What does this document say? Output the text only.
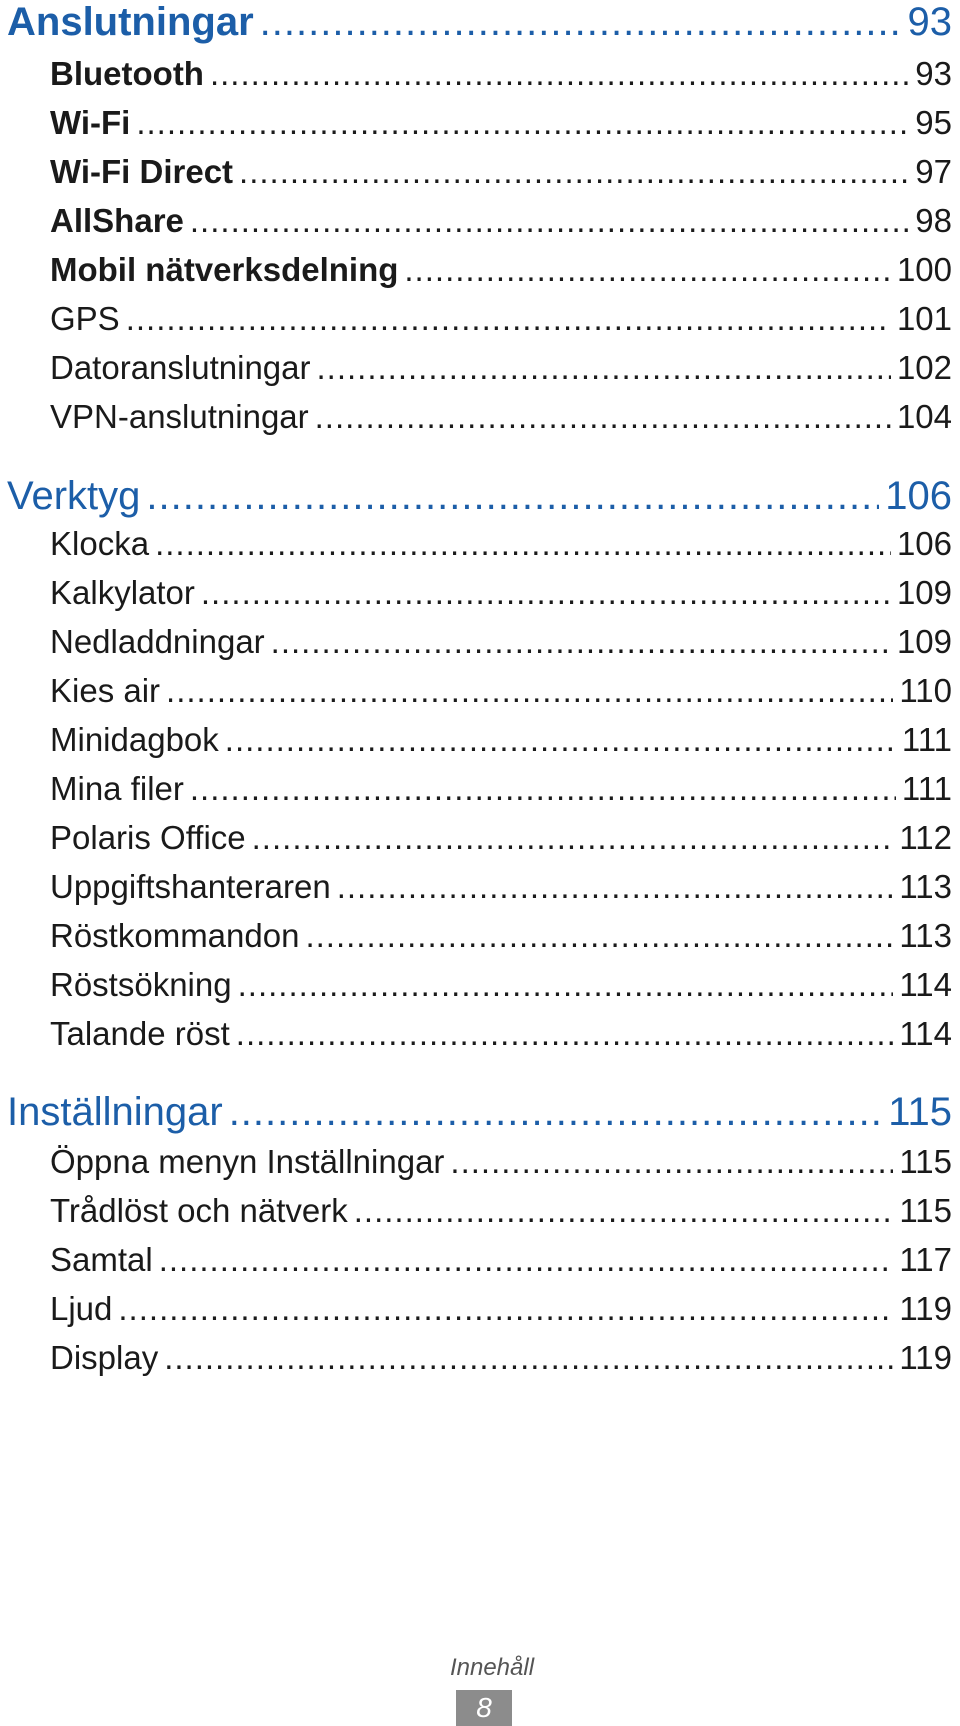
Anslutningar .....	93
Bluetooth .....	93
Wi-Fi .....	95
Wi-Fi Direct .....	97
AllShare .....	98
Mobil nätverksdelning .....	100
GPS .....	101
Datoranslutningar .....	102
VPN-anslutningar .....	104
Verktyg .....	106
Klocka .....	106
Kalkylator .....	109
Nedladdningar .....	109
Kies air .....	110
Minidagbok .....	111
Mina filer .....	111
Polaris Office .....	112
Uppgiftshanteraren .....	113
Röstkommandon .....	113
Röstsökning .....	114
Talande röst .....	114
Inställningar .....	115
Öppna menyn Inställningar .....	115
Trådlöst och nätverk .....	115
Samtal .....	117
Ljud .....	119
Display .....	119
Innehåll
8
